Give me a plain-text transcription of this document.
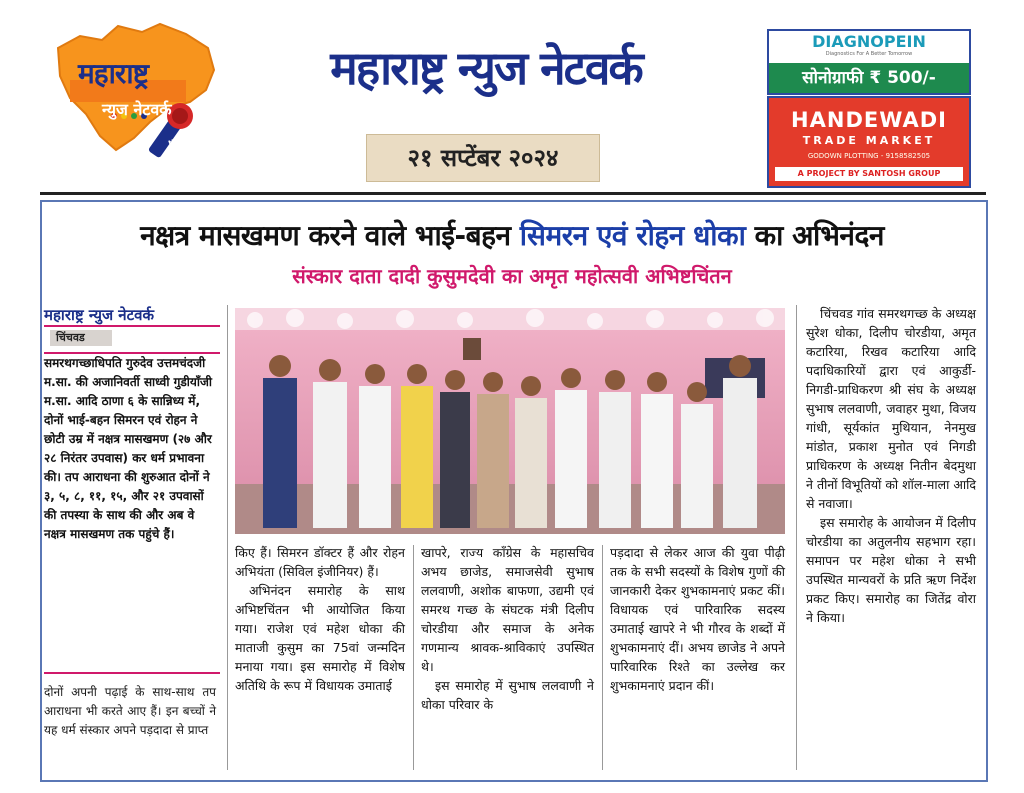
महाराष्ट्र
न्युज नेटवर्क
NEWS
महाराष्ट्र न्युज नेटवर्क
२१ सप्टेंबर २०२४
DIAGNOPEIN
Diagnostics For A Better Tomorrow
सोनोग्राफी ₹ 500/-
HANDEWADI
TRADE MARKET
GODOWN PLOTTING - 9158582505
A PROJECT BY SANTOSH GROUP
नक्षत्र मासखमण करने वाले भाई-बहन सिमरन एवं रोहन धोका का अभिनंदन
संस्कार दाता दादी कुसुमदेवी का अमृत महोत्सवी अभिष्टचिंतन
महाराष्ट्र न्युज नेटवर्क
चिंचवड
समरथगच्छाधिपति गुरुदेव उत्तमचंदजी म.सा. की अजानिवर्ती साध्वी गुडीयाँजी म.सा. आदि ठाणा ६ के सान्निध्य में, दोनों भाई-बहन सिमरन एवं रोहन ने छोटी उम्र में नक्षत्र मासखमण (२७ और २८ निरंतर उपवास) कर धर्म प्रभावना की। तप आराधना की शुरुआत दोनों ने ३, ५, ८, ११, १५, और २१ उपवासों की तपस्या के साथ की और अब वे नक्षत्र मासखमण तक पहुंचे हैं।
दोनों अपनी पढ़ाई के साथ-साथ तप आराधना भी करते आए हैं। इन बच्चों ने यह धर्म संस्कार अपने पड़दादा से प्राप्त

किए हैं। सिमरन डॉक्टर हैं और रोहन अभियंता (सिविल इंजीनियर) हैं।

अभिनंदन समारोह के साथ अभिष्टचिंतन भी आयोजित किया गया। राजेश एवं महेश धोका की माताजी कुसुम का 75वां जन्मदिन मनाया गया। इस समारोह में विशेष अतिथि के रूप में विधायक उमाताई

खापरे, राज्य कॉंग्रेस के महासचिव अभय छाजेड, समाजसेवी सुभाष ललवाणी, अशोक बाफणा, उद्यमी एवं समरथ गच्छ के संघटक मंत्री दिलीप चोरडीया और समाज के अनेक गणमान्य श्रावक-श्राविकाएं उपस्थित थे।

इस समारोह में सुभाष ललवाणी ने धोका परिवार के

पड़दादा से लेकर आज की युवा पीढ़ी तक के सभी सदस्यों के विशेष गुणों की जानकारी देकर शुभकामनाएं प्रकट कीं। विधायक एवं पारिवारिक सदस्य उमाताई खापरे ने भी गौरव के शब्दों में शुभकामनाएं दीं। अभय छाजेड ने अपने पारिवारिक रिश्ते का उल्लेख कर शुभकामनाएं प्रदान कीं।

चिंचवड गांव समरथगच्छ के अध्यक्ष सुरेश धोका, दिलीप चोरडीया, अमृत कटारिया, रिखव कटारिया आदि पदाधिकारियों द्वारा एवं आकुर्डी-निगडी-प्राधिकरण श्री संघ के अध्यक्ष सुभाष ललवाणी, जवाहर मुथा, विजय गांधी, सूर्यकांत मुथियान, नेनमुख मांडोत, प्रकाश मुनोत एवं निगडी प्राधिकरण के अध्यक्ष नितीन बेदमुथा ने तीनों विभूतियों को शॉल-माला आदि से नवाजा।

इस समारोह के आयोजन में दिलीप चोरडीया का अतुलनीय सहभाग रहा। समापन पर महेश धोका ने सभी उपस्थित मान्यवरों के प्रति ऋण निर्देश प्रकट किए। समारोह का जितेंद्र वोरा ने किया।
